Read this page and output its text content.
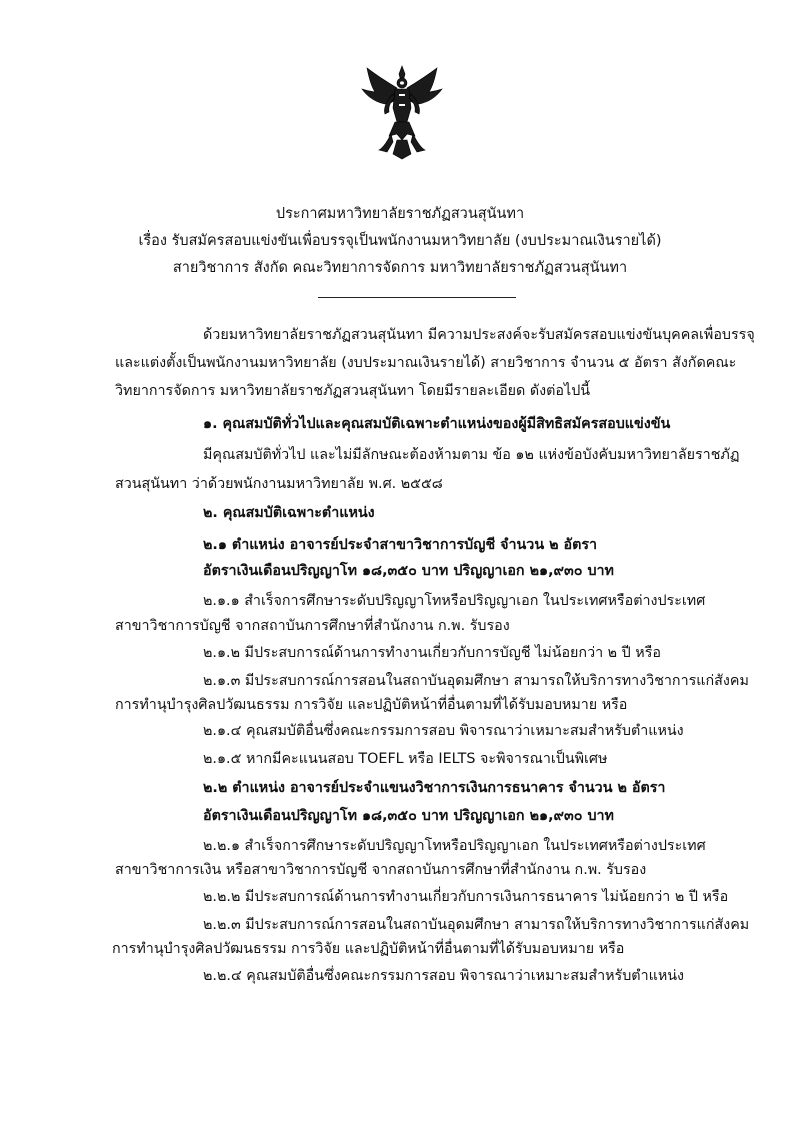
ประกาศมหาวิทยาลัยราชภัฏสวนสุนันทา
เรื่อง รับสมัครสอบแข่งขันเพื่อบรรจุเป็นพนักงานมหาวิทยาลัย (งบประมาณเงินรายได้)
สายวิชาการ สังกัด คณะวิทยาการจัดการ มหาวิทยาลัยราชภัฏสวนสุนันทา
ด้วยมหาวิทยาลัยราชภัฏสวนสุนันทา มีความประสงค์จะรับสมัครสอบแข่งขันบุคคลเพื่อบรรจุ
และแต่งตั้งเป็นพนักงานมหาวิทยาลัย (งบประมาณเงินรายได้) สายวิชาการ จำนวน ๕ อัตรา สังกัดคณะ
วิทยาการจัดการ มหาวิทยาลัยราชภัฏสวนสุนันทา โดยมีรายละเอียด ดังต่อไปนี้
๑. คุณสมบัติทั่วไปและคุณสมบัติเฉพาะตำแหน่งของผู้มีสิทธิสมัครสอบแข่งขัน
มีคุณสมบัติทั่วไป และไม่มีลักษณะต้องห้ามตาม ข้อ ๑๒ แห่งข้อบังคับมหาวิทยาลัยราชภัฏ
สวนสุนันทา ว่าด้วยพนักงานมหาวิทยาลัย พ.ศ. ๒๕๕๘
๒. คุณสมบัติเฉพาะตำแหน่ง
๒.๑ ตำแหน่ง อาจารย์ประจำสาขาวิชาการบัญชี จำนวน ๒ อัตรา
อัตราเงินเดือนปริญญาโท ๑๘,๓๕๐ บาท ปริญญาเอก ๒๑,๙๓๐ บาท
๒.๑.๑ สำเร็จการศึกษาระดับปริญญาโทหรือปริญญาเอก ในประเทศหรือต่างประเทศ
สาขาวิชาการบัญชี จากสถาบันการศึกษาที่สำนักงาน ก.พ. รับรอง
๒.๑.๒ มีประสบการณ์ด้านการทำงานเกี่ยวกับการบัญชี ไม่น้อยกว่า ๒ ปี หรือ
๒.๑.๓ มีประสบการณ์การสอนในสถาบันอุดมศึกษา สามารถให้บริการทางวิชาการแก่สังคม
การทำนุบำรุงศิลปวัฒนธรรม การวิจัย และปฏิบัติหน้าที่อื่นตามที่ได้รับมอบหมาย หรือ
๒.๑.๔ คุณสมบัติอื่นซึ่งคณะกรรมการสอบ พิจารณาว่าเหมาะสมสำหรับตำแหน่ง
๒.๑.๕ หากมีคะแนนสอบ TOEFL หรือ IELTS จะพิจารณาเป็นพิเศษ
๒.๒ ตำแหน่ง อาจารย์ประจำแขนงวิชาการเงินการธนาคาร จำนวน ๒ อัตรา
อัตราเงินเดือนปริญญาโท ๑๘,๓๕๐ บาท ปริญญาเอก ๒๑,๙๓๐ บาท
๒.๒.๑ สำเร็จการศึกษาระดับปริญญาโทหรือปริญญาเอก ในประเทศหรือต่างประเทศ
สาขาวิชาการเงิน หรือสาขาวิชาการบัญชี จากสถาบันการศึกษาที่สำนักงาน ก.พ. รับรอง
๒.๒.๒ มีประสบการณ์ด้านการทำงานเกี่ยวกับการเงินการธนาคาร ไม่น้อยกว่า ๒ ปี หรือ
๒.๒.๓ มีประสบการณ์การสอนในสถาบันอุดมศึกษา สามารถให้บริการทางวิชาการแก่สังคม
การทำนุบำรุงศิลปวัฒนธรรม การวิจัย และปฏิบัติหน้าที่อื่นตามที่ได้รับมอบหมาย หรือ
๒.๒.๔ คุณสมบัติอื่นซึ่งคณะกรรมการสอบ พิจารณาว่าเหมาะสมสำหรับตำแหน่ง
